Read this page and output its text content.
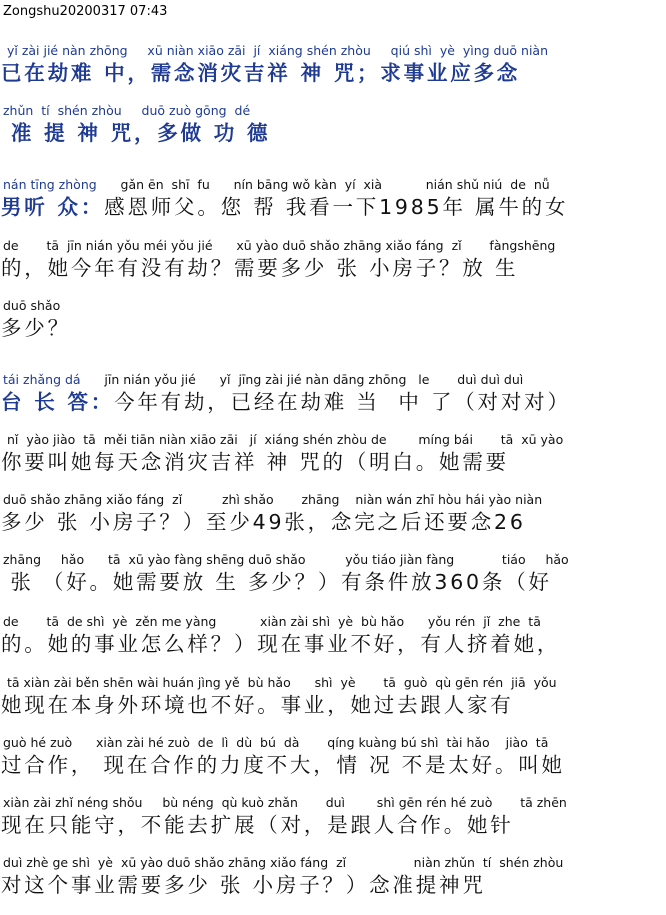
Zongshu20200317 07:43
yǐ zài jié nàn zhōng     xū niàn xiāo zāi  jí  xiáng shén zhòu     qiú shì  yè  yìng duō niàn
已在劫难 中，需念消灾吉祥 神 咒；求事业应多念
zhǔn  tí  shén zhòu     duō zuò gōng  dé
准 提 神 咒，多做 功 德
nán tīng zhòng      gǎn ēn  shī  fu      nín bāng wǒ kàn  yí  xià           nián shǔ niú  de  nǚ
男听 众：感恩师父。您 帮 我看一下1985年 属牛的女
de       tā  jīn nián yǒu méi yǒu jié      xū yào duō shǎo zhāng xiǎo fáng  zǐ       fàngshēng
的，她今年有没有劫？需要多少 张 小房子？放 生
duō shǎo
多少？
tái zhǎng dá      jīn nián yǒu jié      yǐ  jīng zài jié nàn dāng zhōng   le       duì duì duì
台 长 答：今年有劫，已经在劫难 当  中 了（对对对）
nǐ  yào jiào  tā  měi tiān niàn xiāo zāi   jí  xiáng shén zhòu de        míng bái       tā  xū yào
你要叫她每天念消灾吉祥 神 咒的（明白。她需要
duō shǎo zhāng xiǎo fáng  zǐ          zhì shǎo       zhāng    niàn wán zhī hòu hái yào niàn
多少 张 小房子？）至少49张，念完之后还要念26
zhāng     hǎo      tā  xū yào fàng shēng duō shǎo          yǒu tiáo jiàn fàng            tiáo     hǎo
张 （好。她需要放 生 多少？）有条件放360条（好
de       tā  de shì  yè  zěn me yàng           xiàn zài shì  yè  bù hǎo      yǒu rén  jǐ  zhe  tā
的。她的事业怎么样？）现在事业不好，有人挤着她，
tā xiàn zài běn shēn wài huán jìng yě  bù hǎo      shì  yè       tā  guò  qù gēn rén  jiā  yǒu
她现在本身外环境也不好。事业，她过去跟人家有
guò hé zuò      xiàn zài hé zuò  de  lì  dù  bú  dà       qíng kuàng bú shì  tài hǎo    jiào  tā
过合作， 现在合作的力度不大，情 况 不是太好。叫她
xiàn zài zhǐ néng shǒu     bù néng  qù kuò zhǎn       duì        shì gēn rén hé zuò       tā zhēn
现在只能守，不能去扩展（对，是跟人合作。她针
duì zhè ge shì  yè  xū yào duō shǎo zhāng xiǎo fáng  zǐ                 niàn zhǔn  tí  shén zhòu
对这个事业需要多少 张 小房子？）念准提神咒
